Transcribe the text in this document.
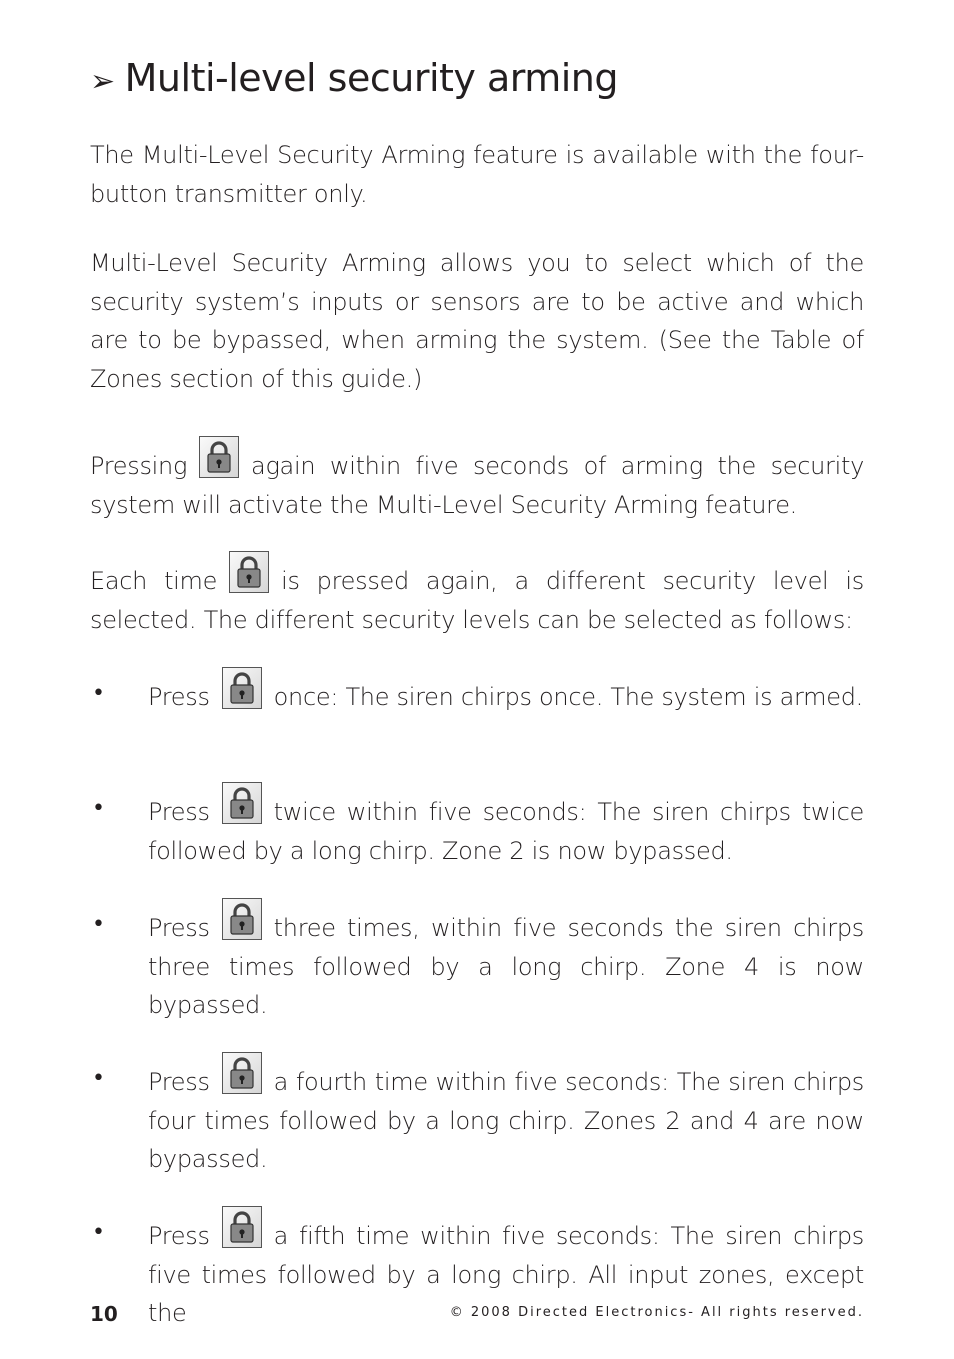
➢ Multi-level security arming

The Multi-Level Security Arming feature is available with the four-button transmitter only.

Multi-Level Security Arming allows you to select which of the security system’s inputs or sensors are to be active and which are to be bypassed, when arming the system. (See the Table of Zones section of this guide.)

Pressing	again within five seconds of arming the security system will activate the Multi-Level Security Arming feature.

Each time	is pressed again, a different security level is selected. The different security levels can be selected as follows:

• Press	once: The siren chirps once. The system is armed.

• Press	twice within five seconds: The siren chirps twice followed by a long chirp. Zone 2 is now bypassed.

• Press	three times, within five seconds the siren chirps three times followed by a long chirp. Zone 4 is now bypassed.

• Press	a fourth time within five seconds: The siren chirps four times followed by a long chirp. Zones 2 and 4 are now bypassed.

• Press	a fifth time within five seconds: The siren chirps five times followed by a long chirp. All input zones, except the

10	© 2008 Directed Electronics- All rights reserved.
